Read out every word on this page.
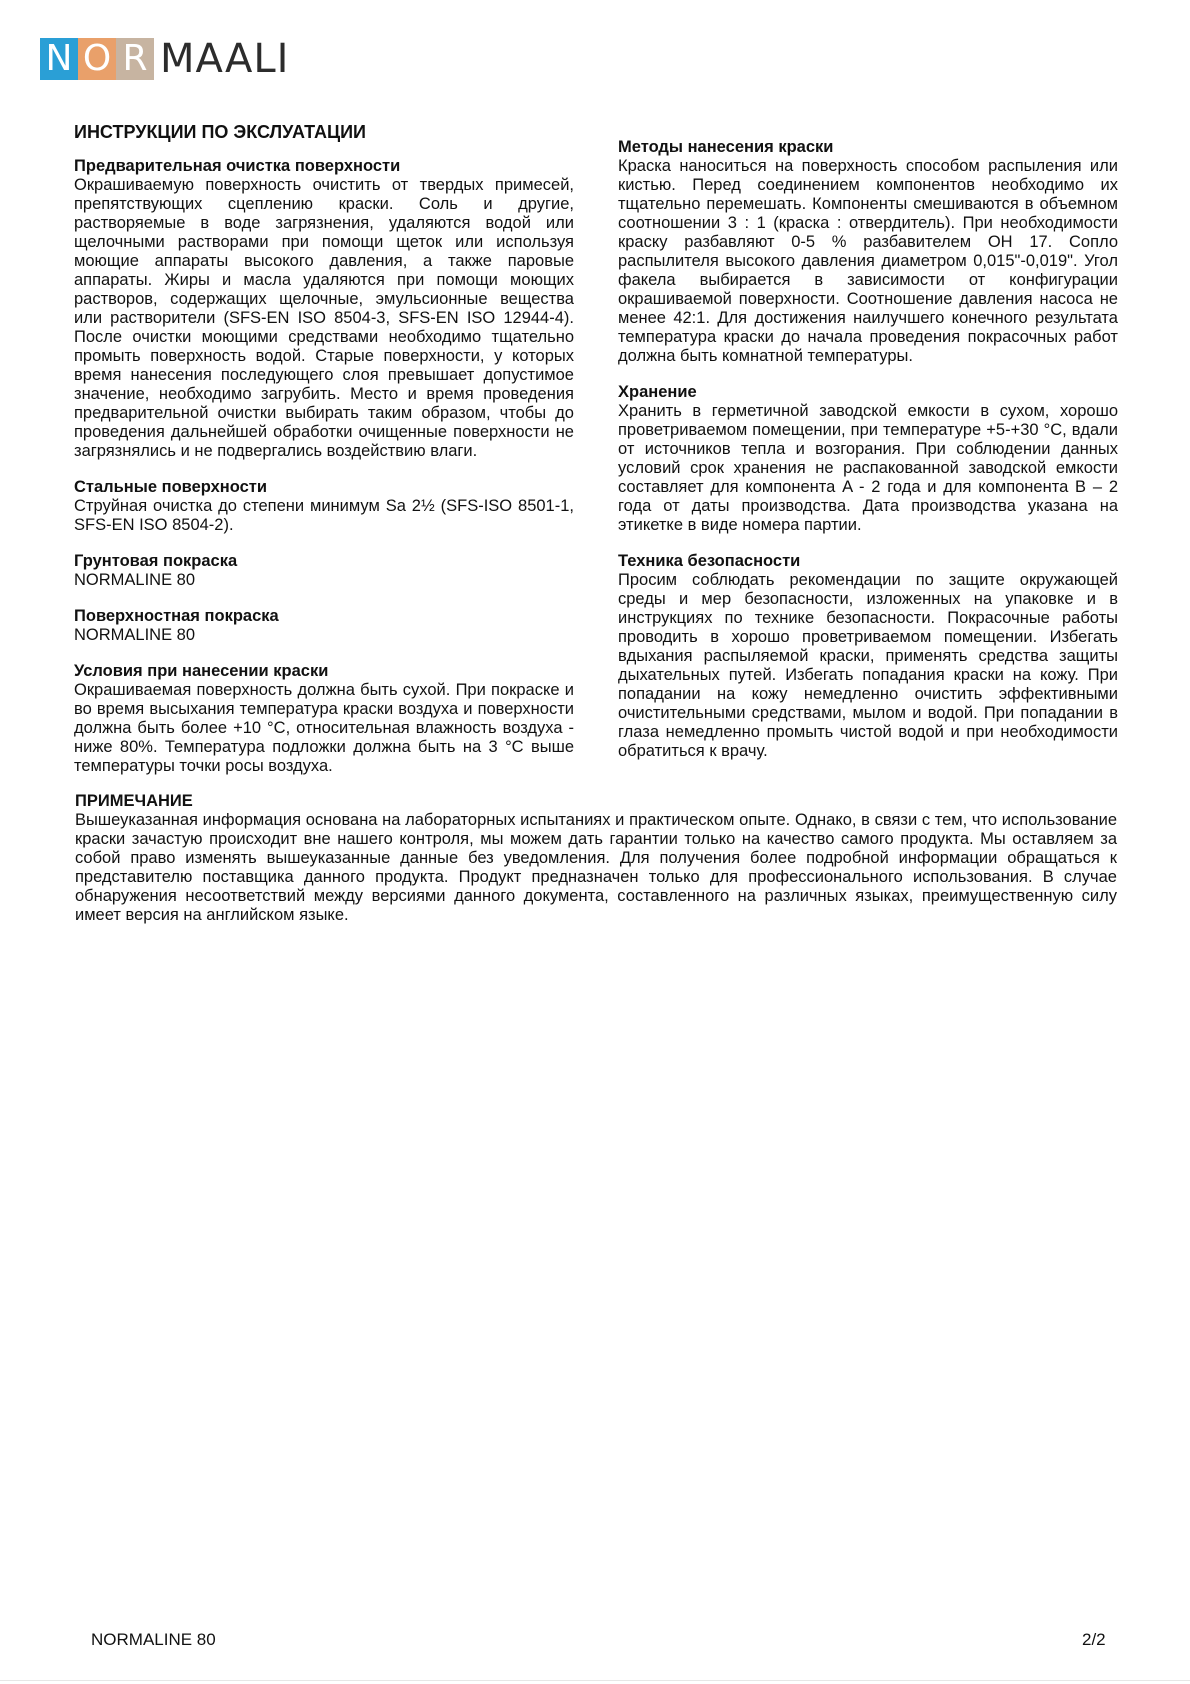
N O R MAALI
ИНСТРУКЦИИ ПО ЭКСЛУАТАЦИИ
Предварительная очистка поверхности

Окрашиваемую поверхность очистить от твердых примесей, препятствующих сцеплению краски. Соль и другие, растворяемые в воде загрязнения, удаляются водой или щелочными растворами при помощи щеток или используя моющие аппараты высокого давления, а также паровые аппараты. Жиры и масла удаляются при помощи моющих растворов, содержащих щелочные, эмульсионные вещества или растворители (SFS-EN ISO 8504-3, SFS-EN ISO 12944-4). После очистки моющими средствами необходимо тщательно промыть поверхность водой. Старые поверхности, у которых время нанесения последующего слоя превышает допустимое значение, необходимо загрубить. Место и время проведения предварительной очистки выбирать таким образом, чтобы до проведения дальнейшей обработки очищенные поверхности не загрязнялись и не подвергались воздействию влаги.

Стальные поверхности

Струйная очистка до степени минимум Sa 2½ (SFS-ISO 8501-1, SFS-EN ISO 8504-2).

Грунтовая покраска

NORMALINE 80

Поверхностная покраска

NORMALINE 80

Условия при нанесении краски

Окрашиваемая поверхность должна быть сухой. При покраске и во время высыхания температура краски воздуха и поверхности должна быть более +10 °C, относительная влажность воздуха - ниже 80%. Температура подложки должна быть на 3 °C выше температуры точки росы воздуха.

Методы нанесения краски

Краска наноситься на поверхность способом распыления или кистью. Перед соединением компонентов необходимо их тщательно перемешать. Компоненты смешиваются в объемном соотношении 3 : 1 (краска : отвердитель). При необходимости краску разбавляют 0-5 % разбавителем OH 17. Сопло распылителя высокого давления диаметром 0,015"-0,019". Угол факела выбирается в зависимости от конфигурации окрашиваемой поверхности. Соотношение давления насоса не менее 42:1. Для достижения наилучшего конечного результата температура краски до начала проведения покрасочных работ должна быть комнатной температуры.

Хранение

Хранить в герметичной заводской емкости в сухом, хорошо проветриваемом помещении, при температуре +5-+30 °C, вдали от источников тепла и возгорания. При соблюдении данных условий срок хранения не распакованной заводской емкости составляет для компонента A - 2 года и для компонента B – 2 года от даты производства. Дата производства указана на этикетке в виде номера партии.

Техника безопасности

Просим соблюдать рекомендации по защите окружающей среды и мер безопасности, изложенных на упаковке и в инструкциях по технике безопасности. Покрасочные работы проводить в хорошо проветриваемом помещении. Избегать вдыхания распыляемой краски, применять средства защиты дыхательных путей. Избегать попадания краски на кожу. При попадании на кожу немедленно очистить эффективными очистительными средствами, мылом и водой. При попадании в глаза немедленно промыть чистой водой и при необходимости обратиться к врачу.

ПРИМЕЧАНИЕ

Вышеуказанная информация основана на лабораторных испытаниях и практическом опыте. Однако, в связи с тем, что использование краски зачастую происходит вне нашего контроля, мы можем дать гарантии только на качество самого продукта. Мы оставляем за собой право изменять вышеуказанные данные без уведомления. Для получения более подробной информации обращаться к представителю поставщика данного продукта. Продукт предназначен только для профессионального использования. В случае обнаружения несоответствий между версиями данного документа, составленного на различных языках, преимущественную силу имеет версия на английском языке.

NORMALINE 80	2/2
